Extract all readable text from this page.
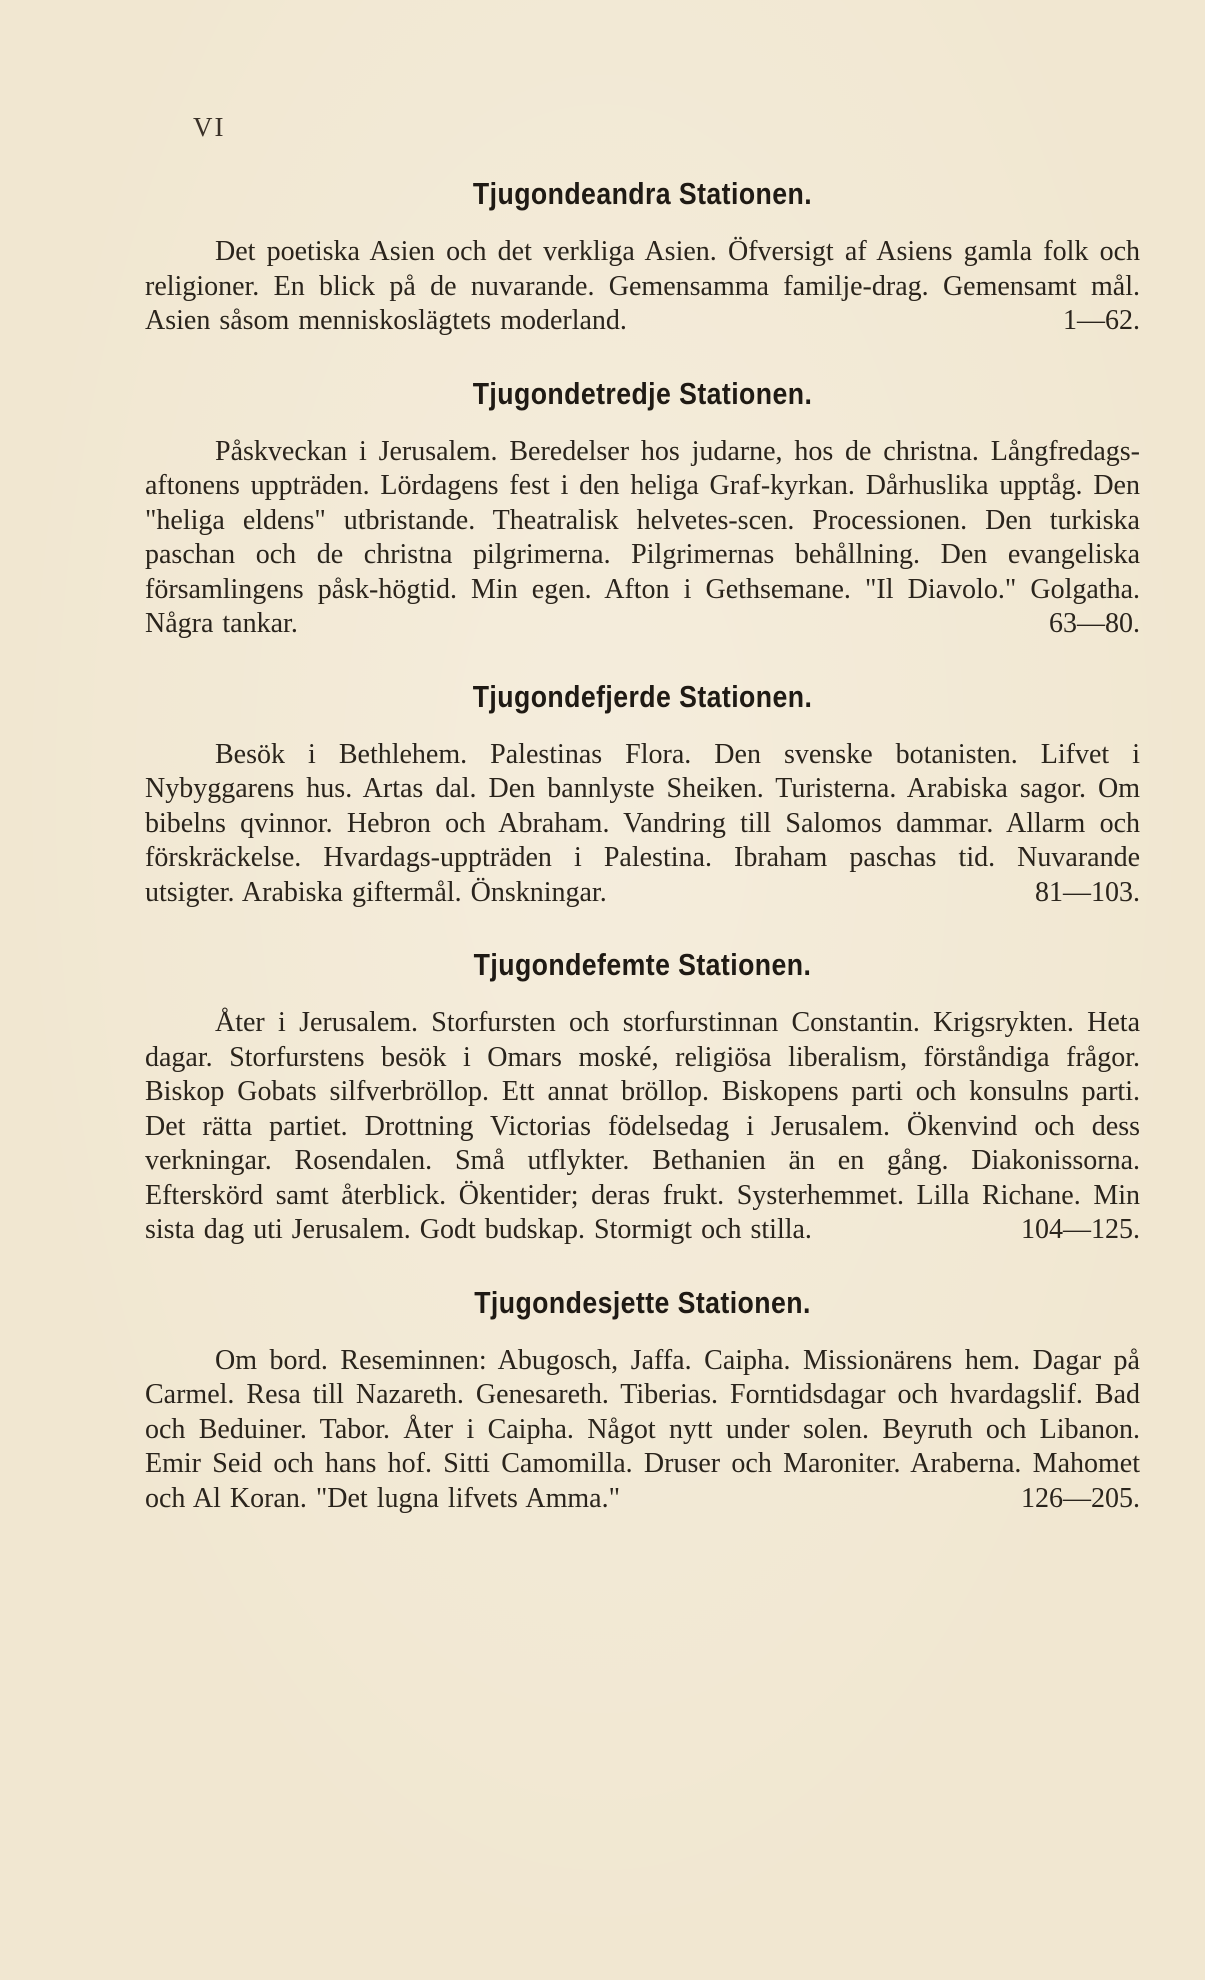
VI
Tjugondeandra Stationen.

Det poetiska Asien och det verkliga Asien. Öfversigt af Asiens gamla folk och religioner. En blick på de nuvarande. Gemensamma familje-drag. Gemensamt mål. Asien såsom menniskoslägtets moderland.	1—62.

Tjugondetredje Stationen.

Påskveckan i Jerusalem. Beredelser hos judarne, hos de christna. Långfredags-aftonens uppträden. Lördagens fest i den heliga Graf-kyrkan. Dårhuslika upptåg. Den "heliga eldens" utbristande. Theatralisk helvetes-scen. Processionen. Den turkiska paschan och de christna pilgrimerna. Pilgrimernas behållning. Den evangeliska församlingens påsk-högtid. Min egen. Afton i Gethsemane. "Il Diavolo." Golgatha. Några tankar.	63—80.

Tjugondefjerde Stationen.

Besök i Bethlehem. Palestinas Flora. Den svenske botanisten. Lifvet i Nybyggarens hus. Artas dal. Den bannlyste Sheiken. Turisterna. Arabiska sagor. Om bibelns qvinnor. Hebron och Abraham. Vandring till Salomos dammar. Allarm och förskräckelse. Hvardags-uppträden i Palestina. Ibraham paschas tid. Nuvarande utsigter. Arabiska giftermål. Önskningar.	81—103.

Tjugondefemte Stationen.

Åter i Jerusalem. Storfursten och storfurstinnan Constantin. Krigsrykten. Heta dagar. Storfurstens besök i Omars moské, religiösa liberalism, förståndiga frågor. Biskop Gobats silfverbröllop. Ett annat bröllop. Biskopens parti och konsulns parti. Det rätta partiet. Drottning Victorias födelsedag i Jerusalem. Ökenvind och dess verkningar. Rosendalen. Små utflykter. Bethanien än en gång. Diakonissorna. Efterskörd samt återblick. Ökentider; deras frukt. Systerhemmet. Lilla Richane. Min sista dag uti Jerusalem. Godt budskap. Stormigt och stilla.	104—125.

Tjugondesjette Stationen.

Om bord. Reseminnen: Abugosch, Jaffa. Caipha. Missionärens hem. Dagar på Carmel. Resa till Nazareth. Genesareth. Tiberias. Forntidsdagar och hvardagslif. Bad och Beduiner. Tabor. Åter i Caipha. Något nytt under solen. Beyruth och Libanon. Emir Seid och hans hof. Sitti Camomilla. Druser och Maroniter. Araberna. Mahomet och Al Koran. "Det lugna lifvets Amma."	126—205.
